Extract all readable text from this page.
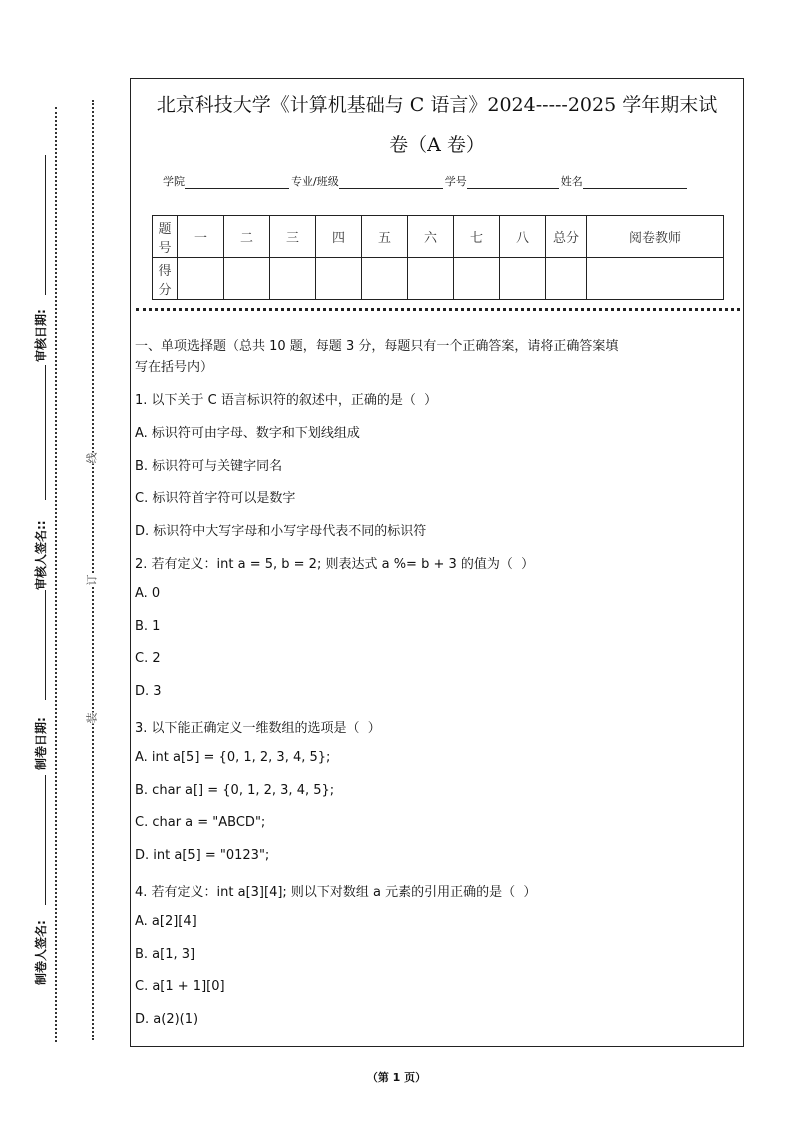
审核日期:
审核人签名::
制卷日期:
制卷人签名:
线
订
装
北京科技大学《计算机基础与 C 语言》2024-----2025 学年期末试
卷（A 卷）
学院	专业/班级	学号	姓名
题号	一	二	三	四	五	六	七	八	总分	阅卷教师
得分										
一、单项选择题（总共 10 题，每题 3 分，每题只有一个正确答案，请将正确答案填
写在括号内）
1. 以下关于 C 语言标识符的叙述中，正确的是（  ）
A. 标识符可由字母、数字和下划线组成
B. 标识符可与关键字同名
C. 标识符首字符可以是数字
D. 标识符中大写字母和小写字母代表不同的标识符
2. 若有定义：int a = 5, b = 2; 则表达式 a %= b + 3 的值为（  ）
A. 0
B. 1
C. 2
D. 3
3. 以下能正确定义一维数组的选项是（  ）
A. int a[5] = {0, 1, 2, 3, 4, 5};
B. char a[] = {0, 1, 2, 3, 4, 5};
C. char a = "ABCD";
D. int a[5] = "0123";
4. 若有定义：int a[3][4]; 则以下对数组 a 元素的引用正确的是（  ）
A. a[2][4]
B. a[1, 3]
C. a[1 + 1][0]
D. a(2)(1)
（第 1 页）
